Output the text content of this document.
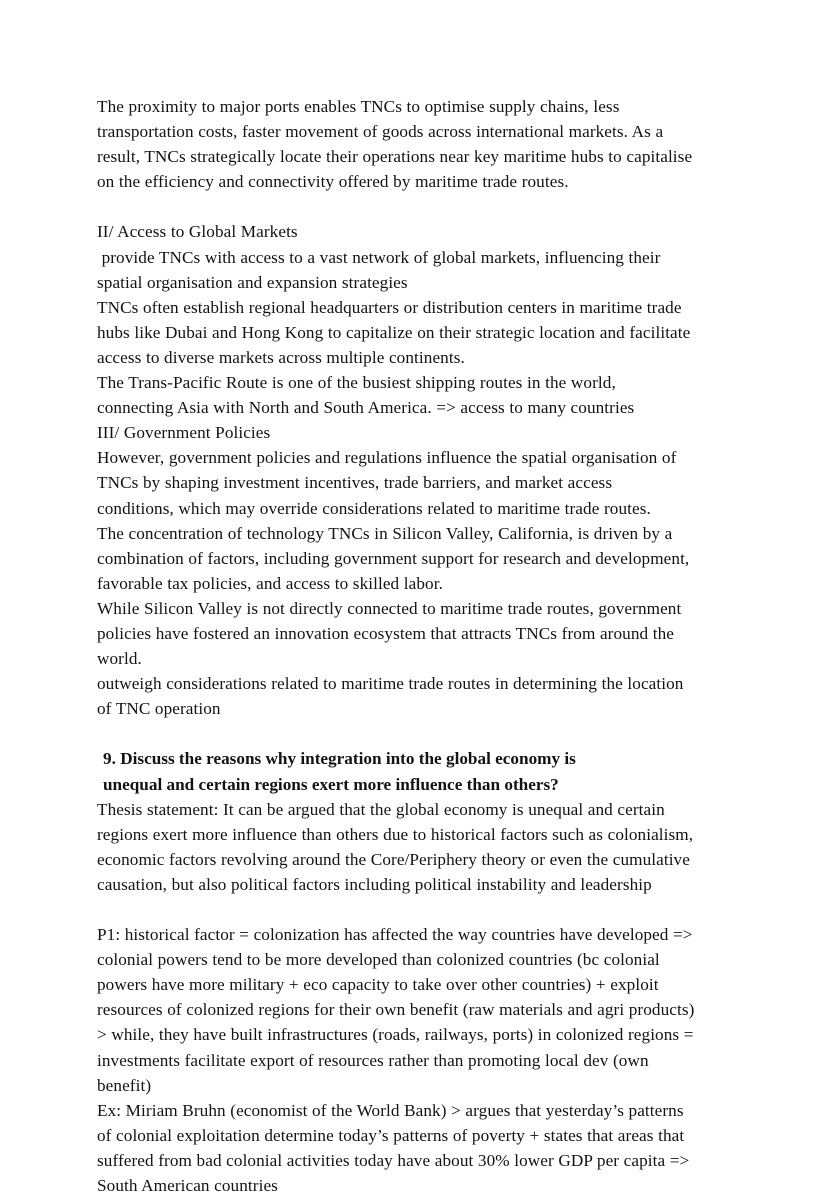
The proximity to major ports enables TNCs to optimise supply chains, less
transportation costs, faster movement of goods across international markets. As a
result, TNCs strategically locate their operations near key maritime hubs to capitalise
on the efficiency and connectivity offered by maritime trade routes.
II/ Access to Global Markets
provide TNCs with access to a vast network of global markets, influencing their
spatial organisation and expansion strategies
TNCs often establish regional headquarters or distribution centers in maritime trade
hubs like Dubai and Hong Kong to capitalize on their strategic location and facilitate
access to diverse markets across multiple continents.
The Trans-Pacific Route is one of the busiest shipping routes in the world,
connecting Asia with North and South America. => access to many countries
III/ Government Policies
However, government policies and regulations influence the spatial organisation of
TNCs by shaping investment incentives, trade barriers, and market access
conditions, which may override considerations related to maritime trade routes.
The concentration of technology TNCs in Silicon Valley, California, is driven by a
combination of factors, including government support for research and development,
favorable tax policies, and access to skilled labor.
While Silicon Valley is not directly connected to maritime trade routes, government
policies have fostered an innovation ecosystem that attracts TNCs from around the
world.
outweigh considerations related to maritime trade routes in determining the location
of TNC operation
9. Discuss the reasons why integration into the global economy is
unequal and certain regions exert more influence than others?
Thesis statement: It can be argued that the global economy is unequal and certain
regions exert more influence than others due to historical factors such as colonialism,
economic factors revolving around the Core/Periphery theory or even the cumulative
causation, but also political factors including political instability and leadership
P1: historical factor = colonization has affected the way countries have developed =>
colonial powers tend to be more developed than colonized countries (bc colonial
powers have more military + eco capacity to take over other countries) + exploit
resources of colonized regions for their own benefit (raw materials and agri products)
> while, they have built infrastructures (roads, railways, ports) in colonized regions =
investments facilitate export of resources rather than promoting local dev (own
benefit)
Ex: Miriam Bruhn (economist of the World Bank) > argues that yesterday’s patterns
of colonial exploitation determine today’s patterns of poverty + states that areas that
suffered from bad colonial activities today have about 30% lower GDP per capita =>
South American countries
